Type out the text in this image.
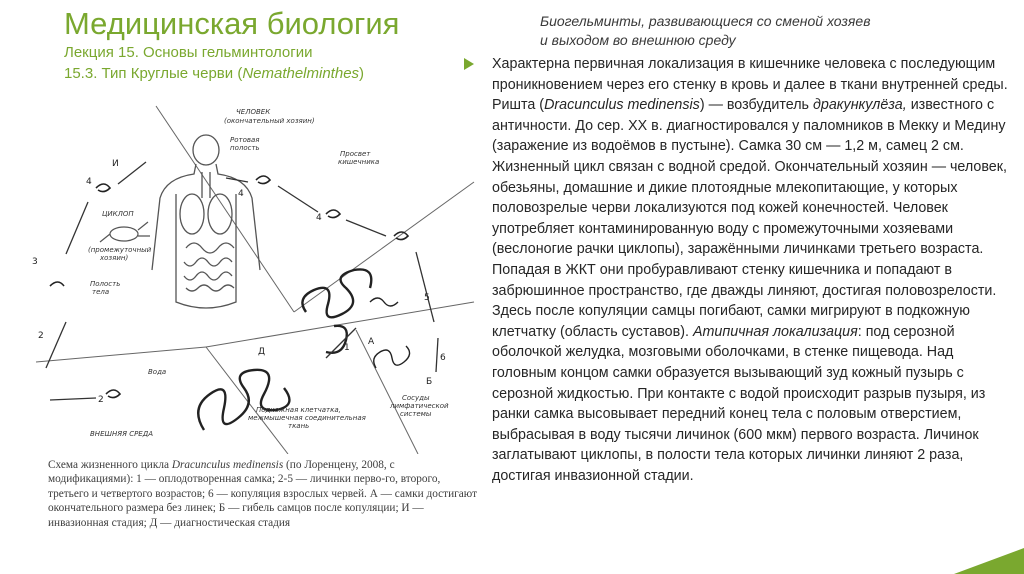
Медицинская биология
Лекция 15. Основы гельминтологии
15.3. Тип Круглые черви (Nemathelminthes)
Биогельминты, развивающиеся со сменой хозяев
и выходом во внешнюю среду

Характерна первичная локализация в кишечнике человека с последующим проникновением через его стенку в кровь и далее в ткани внутренней среды.

Ришта (Dracunculus medinensis) — возбудитель дракункулёза, известного с античности. До сер. XX в. диагностировался у паломников в Мекку и Медину (заражение из водоёмов в пустыне). Самка 30 см — 1,2 м, самец 2 см. Жизненный цикл связан с водной средой. Окончательный хозяин — человек, обезьяны, домашние и дикие плотоядные млекопитающие, у которых половозрелые черви локализуются под кожей конечностей. Человек употребляет контаминированную воду с промежуточными хозяевами (веслоногие рачки циклопы), заражёнными личинками третьего возраста. Попадая в ЖКТ они пробуравливают стенку кишечника и попадают в забрюшинное пространство, где дважды линяют, достигая половозрелости. Здесь после копуляции самцы погибают, самки мигрируют в подкожную клетчатку (область суставов). Атипичная локализация: под серозной оболочкой желудка, мозговыми оболочками, в стенке пищевода. Над головным концом самки образуется вызывающий зуд кожный пузырь с серозной жидкостью. При контакте с водой происходит разрыв пузыря, из ранки самка высовывает передний конец тела с половым отверстием, выбрасывая в воду тысячи личинок (600 мкм) первого возраста. Личинок заглатывают циклопы, в полости тела которых личинки линяют 2 раза, достигая инвазионной стадии.

ЧЕЛОВЕК
(окончательный хозяин)
Ротовая
полость
Просвет
кишечника
ЦИКЛОП
(промежуточный
хозяин)
Полость
тела
Вода
Подкожная клетчатка,
межмышечная соединительная
ткань
Сосуды
лимфатической
системы
ВНЕШНЯЯ СРЕДА
И
4
4
4
3
2
2
5
6
А
Б
Д	1
Схема жизненного цикла Dracunculus medinensis (по Лоренцену, 2008, с модификациями): 1 — оплодотворенная самка; 2-5 — личинки перво-го, второго, третьего и четвертого возрастов; 6 — копуляция взрослых червей. А — самки достигают окончательного размера без линек; Б — гибель самцов после копуляции; И — инвазионная стадия; Д — диагностическая стадия
